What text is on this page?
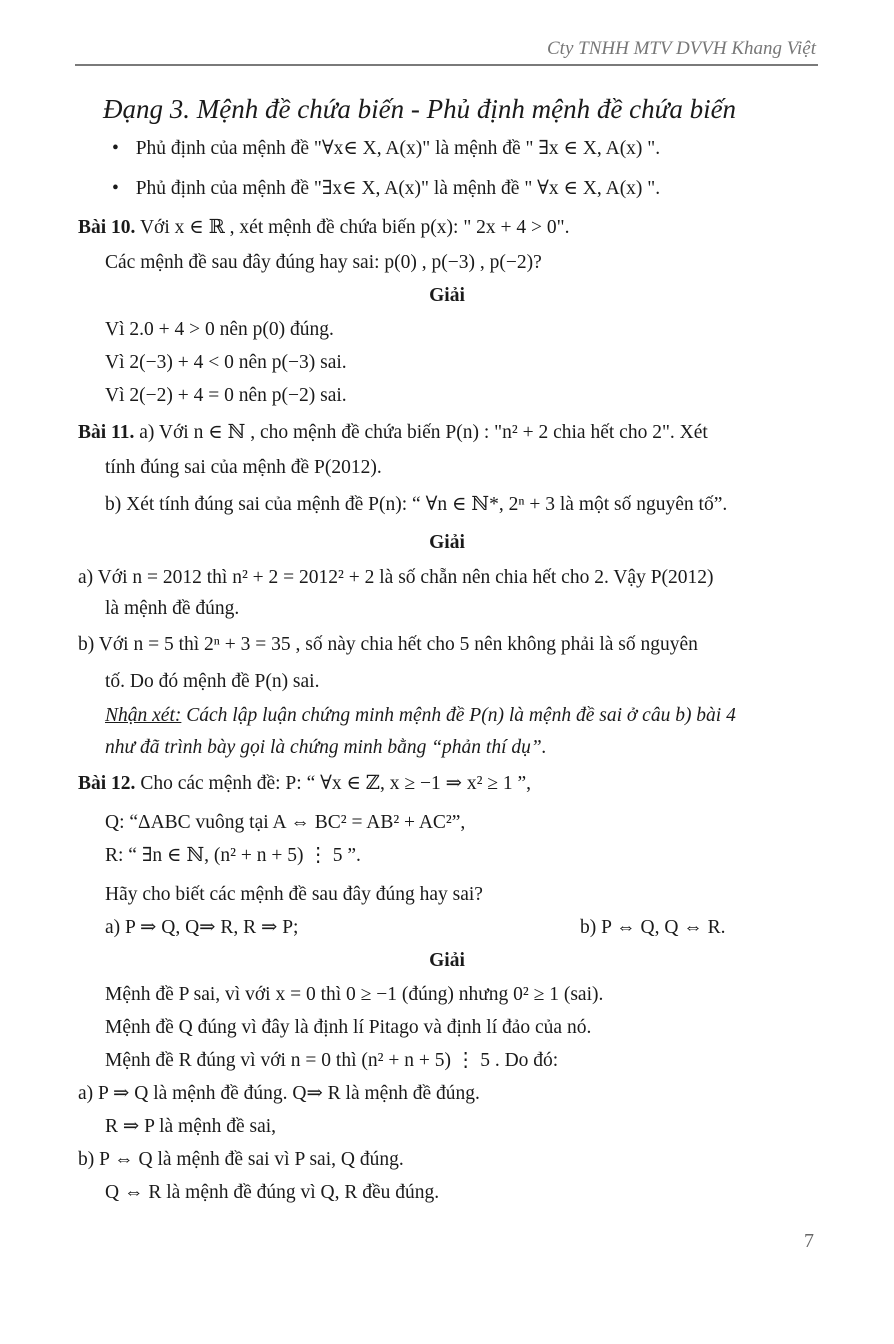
Cty TNHH MTV DVVH Khang Việt
Đạng 3. Mệnh đề chứa biến - Phủ định mệnh đề chứa biến
• Phủ định của mệnh đề "∀x∈ X, A(x)" là mệnh đề " ∃x ∈ X, A(x) ".
• Phủ định của mệnh đề "∃x∈ X, A(x)" là mệnh đề " ∀x ∈ X, A(x) ".
Bài 10. Với x ∈ ℝ , xét mệnh đề chứa biến p(x): " 2x + 4 > 0".
Các mệnh đề sau đây đúng hay sai: p(0) , p(−3) , p(−2)?
Giải
Vì 2.0 + 4 > 0 nên p(0) đúng.
Vì 2(−3) + 4 < 0 nên p(−3) sai.
Vì 2(−2) + 4 = 0 nên p(−2) sai.
Bài 11. a) Với n ∈ ℕ , cho mệnh đề chứa biến P(n) : "n² + 2 chia hết cho 2". Xét
tính đúng sai của mệnh đề P(2012).
b) Xét tính đúng sai của mệnh đề P(n): “ ∀n ∈ ℕ*, 2ⁿ + 3 là một số nguyên tố”.
Giải
a) Với n = 2012 thì n² + 2 = 2012² + 2 là số chẵn nên chia hết cho 2. Vậy P(2012)
là mệnh đề đúng.
b) Với n = 5 thì 2ⁿ + 3 = 35 , số này chia hết cho 5 nên không phải là số nguyên
tố. Do đó mệnh đề P(n) sai.
Nhận xét: Cách lập luận chứng minh mệnh đề P(n) là mệnh đề sai ở câu b) bài 4
như đã trình bày gọi là chứng minh bằng “phản thí dụ”.
Bài 12. Cho các mệnh đề: P: “ ∀x ∈ ℤ, x ≥ −1 ⇒ x² ≥ 1 ”,
Q: “ΔABC vuông tại A ⇔ BC² = AB² + AC²”,
R: “ ∃n ∈ ℕ, (n² + n + 5) ⋮ 5 ”.
Hãy cho biết các mệnh đề sau đây đúng hay sai?
a) P ⇒ Q, Q⇒ R, R ⇒ P;	b) P ⇔ Q, Q ⇔ R.
Giải
Mệnh đề P sai, vì với x = 0 thì 0 ≥ −1 (đúng) nhưng 0² ≥ 1 (sai).
Mệnh đề Q đúng vì đây là định lí Pitago và định lí đảo của nó.
Mệnh đề R đúng vì với n = 0 thì (n² + n + 5) ⋮ 5 . Do đó:
a) P ⇒ Q là mệnh đề đúng. Q⇒ R là mệnh đề đúng.
R ⇒ P là mệnh đề sai,
b) P ⇔ Q là mệnh đề sai vì P sai, Q đúng.
Q ⇔ R là mệnh đề đúng vì Q, R đều đúng.
7
